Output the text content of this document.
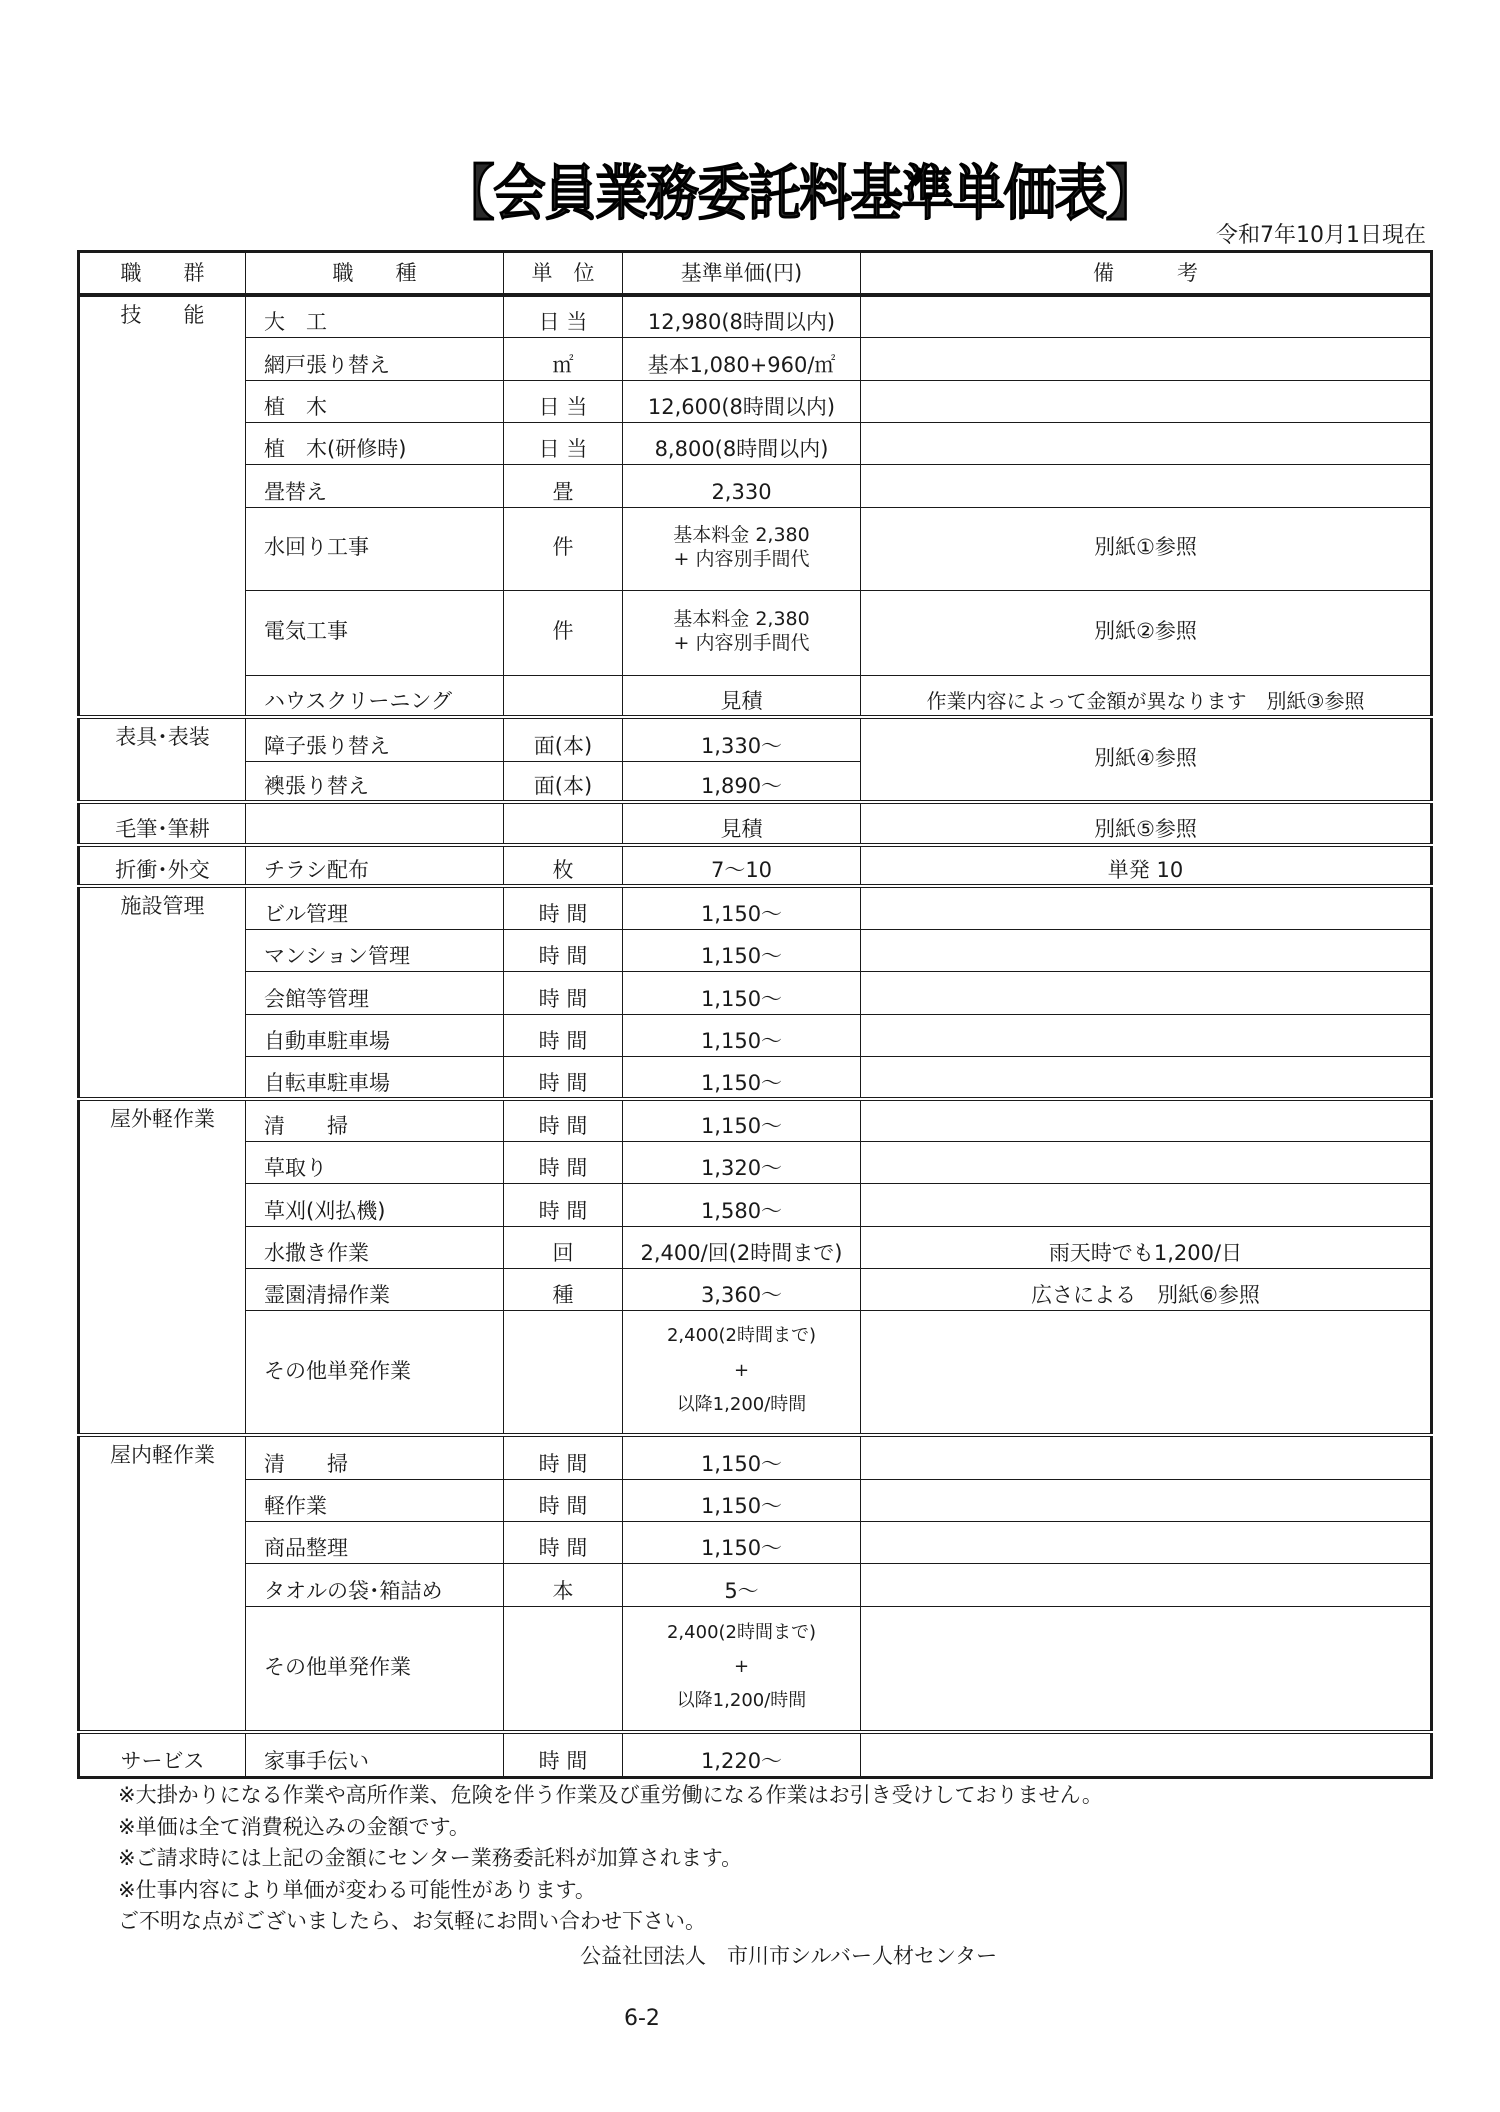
【会員業務委託料基準単価表】
令和7年10月1日現在
職　　群	職　　種	単　位	基準単価(円)	備　　　考
技　　能	大　工	日 当	12,980(8時間以内)	
	網戸張り替え	㎡	基本1,080+960/㎡	
	植　木	日 当	12,600(8時間以内)	
	植　木(研修時)	日 当	8,800(8時間以内)	
	畳替え	畳	2,330	
	水回り工事	件	基本料金 2,380
+ 内容別手間代	別紙①参照
	電気工事	件	基本料金 2,380
+ 内容別手間代	別紙②参照
	ハウスクリーニング		見積	作業内容によって金額が異なります　別紙③参照
表具･表装	障子張り替え	面(本)	1,330～	別紙④参照
	襖張り替え	面(本)	1,890～	
毛筆･筆耕			見積	別紙⑤参照
折衝･外交	チラシ配布	枚	7～10	単発 10
施設管理	ビル管理	時 間	1,150～	
	マンション管理	時 間	1,150～	
	会館等管理	時 間	1,150～	
	自動車駐車場	時 間	1,150～	
	自転車駐車場	時 間	1,150～	
屋外軽作業	清　　掃	時 間	1,150～	
	草取り	時 間	1,320～	
	草刈(刈払機)	時 間	1,580～	
	水撒き作業	回	2,400/回(2時間まで)	雨天時でも1,200/日
	霊園清掃作業	種	3,360～	広さによる　別紙⑥参照
	その他単発作業		2,400(2時間まで)
+
以降1,200/時間	

屋内軽作業	清　　掃	時 間	1,150～	
	軽作業	時 間	1,150～	
	商品整理	時 間	1,150～	
	タオルの袋･箱詰め	本	5～	
	その他単発作業		2,400(2時間まで)
+
以降1,200/時間	

サービス	家事手伝い	時 間	1,220～	
※大掛かりになる作業や高所作業、危険を伴う作業及び重労働になる作業はお引き受けしておりません。
※単価は全て消費税込みの金額です。
※ご請求時には上記の金額にセンター業務委託料が加算されます。
※仕事内容により単価が変わる可能性があります。
ご不明な点がございましたら、お気軽にお問い合わせ下さい。
公益社団法人　市川市シルバー人材センター
6-2
